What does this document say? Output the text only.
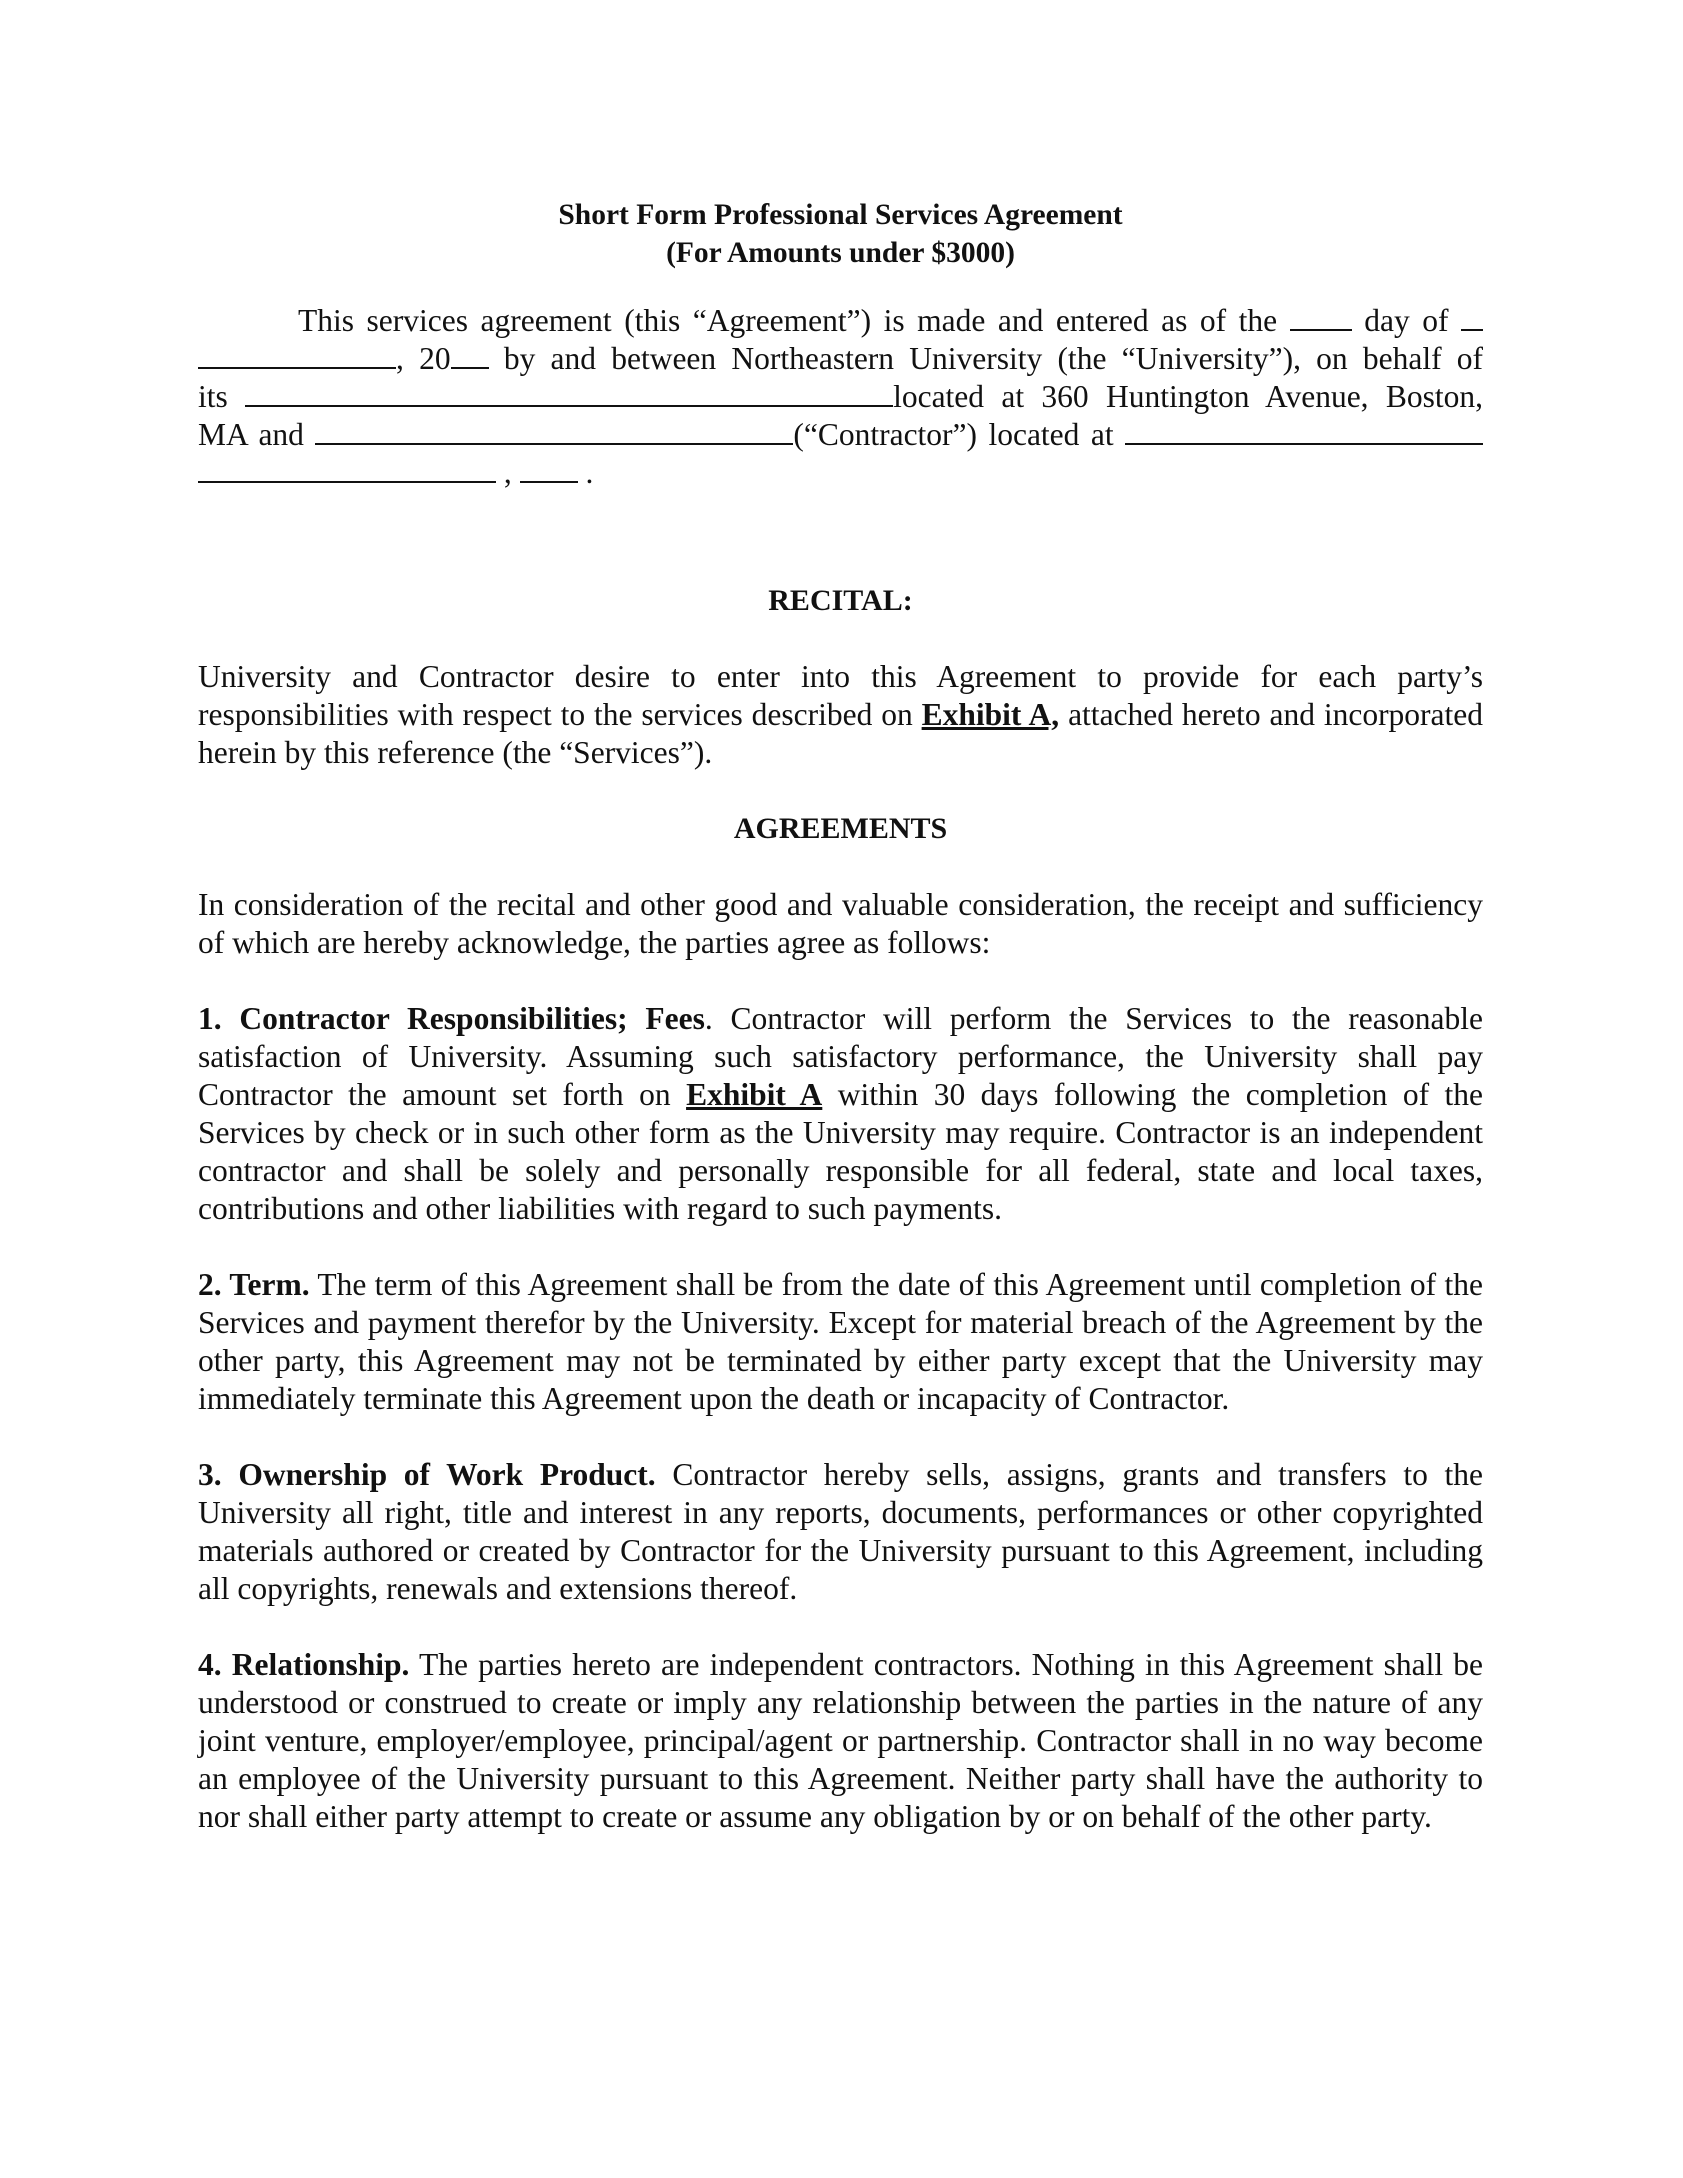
Short Form Professional Services Agreement
(For Amounts under $3000)
This services agreement (this “Agreement”) is made and entered as of the	day of
, 20 by and between Northeastern University (the “University”), on behalf of
its	located at 360 Huntington Avenue, Boston,
MA and	(“Contractor”) located at
, .
RECITAL:
University and Contractor desire to enter into this Agreement to provide for each party’s responsibilities with respect to the services described on Exhibit A, attached hereto and incorporated herein by this reference (the “Services”).
AGREEMENTS
In consideration of the recital and other good and valuable consideration, the receipt and sufficiency of which are hereby acknowledge, the parties agree as follows:
1. Contractor Responsibilities; Fees. Contractor will perform the Services to the reasonable satisfaction of University. Assuming such satisfactory performance, the University shall pay Contractor the amount set forth on Exhibit A within 30 days following the completion of the Services by check or in such other form as the University may require. Contractor is an independent contractor and shall be solely and personally responsible for all federal, state and local taxes, contributions and other liabilities with regard to such payments.
2. Term. The term of this Agreement shall be from the date of this Agreement until completion of the Services and payment therefor by the University. Except for material breach of the Agreement by the other party, this Agreement may not be terminated by either party except that the University may immediately terminate this Agreement upon the death or incapacity of Contractor.
3. Ownership of Work Product. Contractor hereby sells, assigns, grants and transfers to the University all right, title and interest in any reports, documents, performances or other copyrighted materials authored or created by Contractor for the University pursuant to this Agreement, including all copyrights, renewals and extensions thereof.
4. Relationship. The parties hereto are independent contractors. Nothing in this Agreement shall be understood or construed to create or imply any relationship between the parties in the nature of any joint venture, employer/employee, principal/agent or partnership. Contractor shall in no way become an employee of the University pursuant to this Agreement. Neither party shall have the authority to nor shall either party attempt to create or assume any obligation by or on behalf of the other party.
